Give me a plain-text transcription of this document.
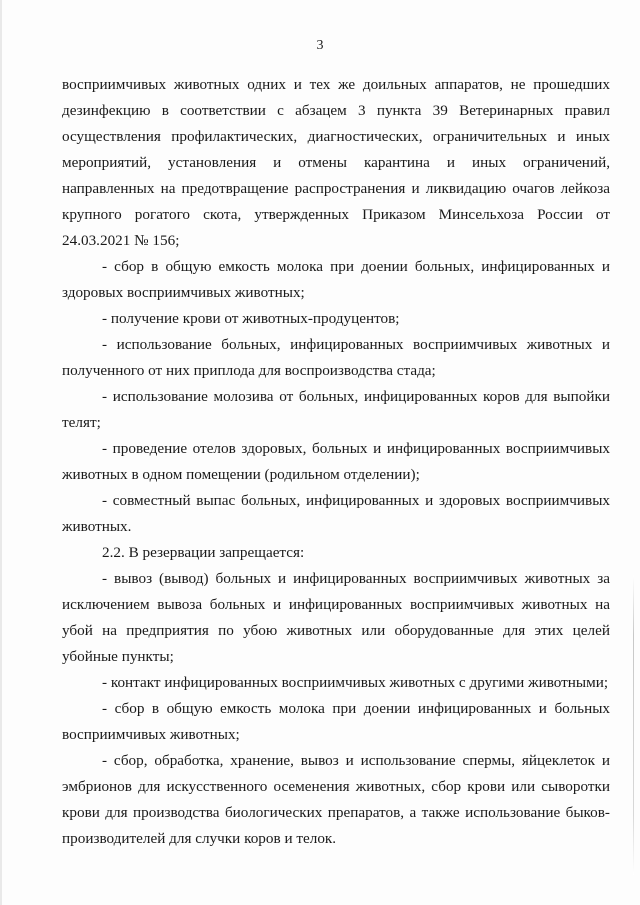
3

восприимчивых животных одних и тех же доильных аппаратов, не прошедших дезинфекцию в соответствии с абзацем 3 пункта 39 Ветеринарных правил осуществления профилактических, диагностических, ограничительных и иных мероприятий, установления и отмены карантина и иных ограничений, направленных на предотвращение распространения и ликвидацию очагов лейкоза крупного рогатого скота, утвержденных Приказом Минсельхоза России от 24.03.2021 № 156;

- сбор в общую емкость молока при доении больных, инфицированных и здоровых восприимчивых животных;

- получение крови от животных-продуцентов;

- использование больных, инфицированных восприимчивых животных и полученного от них приплода для воспроизводства стада;

- использование молозива от больных, инфицированных коров для выпойки телят;

- проведение отелов здоровых, больных и инфицированных восприимчивых животных в одном помещении (родильном отделении);

- совместный выпас больных, инфицированных и здоровых восприимчивых животных.

2.2. В резервации запрещается:

- вывоз (вывод) больных и инфицированных восприимчивых животных за исключением вывоза больных и инфицированных восприимчивых животных на убой на предприятия по убою животных или оборудованные для этих целей убойные пункты;

- контакт инфицированных восприимчивых животных с другими животными;

- сбор в общую емкость молока при доении инфицированных и больных восприимчивых животных;

- сбор, обработка, хранение, вывоз и использование спермы, яйцеклеток и эмбрионов для искусственного осеменения животных, сбор крови или сыворотки крови для производства биологических препаратов, а также использование быков-производителей для случки коров и телок.
